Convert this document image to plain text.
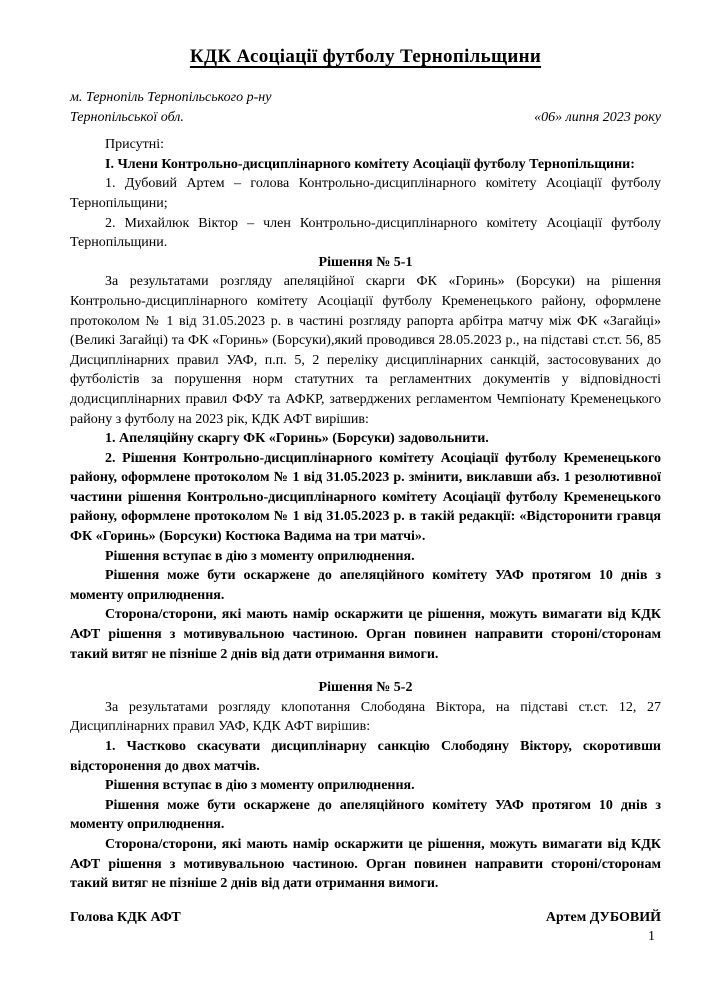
КДК Асоціації футболу Тернопільщини
м. Тернопіль Тернопільського р-ну
Тернопільської обл.	«06» липня 2023 року

Присутні:

І. Члени Контрольно-дисциплінарного комітету Асоціації футболу Тернопільщини:

1. Дубовий Артем – голова Контрольно-дисциплінарного комітету Асоціації футболу Тернопільщини;

2. Михайлюк Віктор – член Контрольно-дисциплінарного комітету Асоціації футболу Тернопільщини.

Рішення № 5-1

За результатами розгляду апеляційної скарги ФК «Горинь» (Борсуки) на рішення Контрольно-дисциплінарного комітету Асоціації футболу Кременецького району, оформлене протоколом № 1 від 31.05.2023 р. в частині розгляду рапорта арбітра матчу між ФК «Загайці» (Великі Загайці) та ФК «Горинь» (Борсуки),який проводився 28.05.2023 р., на підставі ст.ст. 56, 85 Дисциплінарних правил УАФ, п.п. 5, 2 переліку дисциплінарних санкцій, застосовуваних до футболістів за порушення норм статутних та регламентних документів у відповідності додисциплінарних правил ФФУ та АФКР, затверджених регламентом Чемпіонату Кременецького району з футболу на 2023 рік, КДК АФТ вирішив:

1. Апеляційну скаргу ФК «Горинь» (Борсуки) задовольнити.

2. Рішення Контрольно-дисциплінарного комітету Асоціації футболу Кременецького району, оформлене протоколом № 1 від 31.05.2023 р. змінити, виклавши абз. 1 резолютивної частини рішення Контрольно-дисциплінарного комітету Асоціації футболу Кременецького району, оформлене протоколом № 1 від 31.05.2023 р. в такій редакції: «Відсторонити гравця ФК «Горинь» (Борсуки) Костюка Вадима на три матчі».

Рішення вступає в дію з моменту оприлюднення.

Рішення може бути оскаржене до апеляційного комітету УАФ протягом 10 днів з моменту оприлюднення.

Сторона/сторони, які мають намір оскаржити це рішення, можуть вимагати від КДК АФТ рішення з мотивувальною частиною. Орган повинен направити стороні/сторонам такий витяг не пізніше 2 днів від дати отримання вимоги.

Рішення № 5-2

За результатами розгляду клопотання Слободяна Віктора, на підставі ст.ст. 12, 27 Дисциплінарних правил УАФ, КДК АФТ вирішив:

1. Частково скасувати дисциплінарну санкцію Слободяну Віктору, скоротивши відсторонення до двох матчів.

Рішення вступає в дію з моменту оприлюднення.

Рішення може бути оскаржене до апеляційного комітету УАФ протягом 10 днів з моменту оприлюднення.

Сторона/сторони, які мають намір оскаржити це рішення, можуть вимагати від КДК АФТ рішення з мотивувальною частиною. Орган повинен направити стороні/сторонам такий витяг не пізніше 2 днів від дати отримання вимоги.

Голова КДК АФТ	Артем ДУБОВИЙ
1
